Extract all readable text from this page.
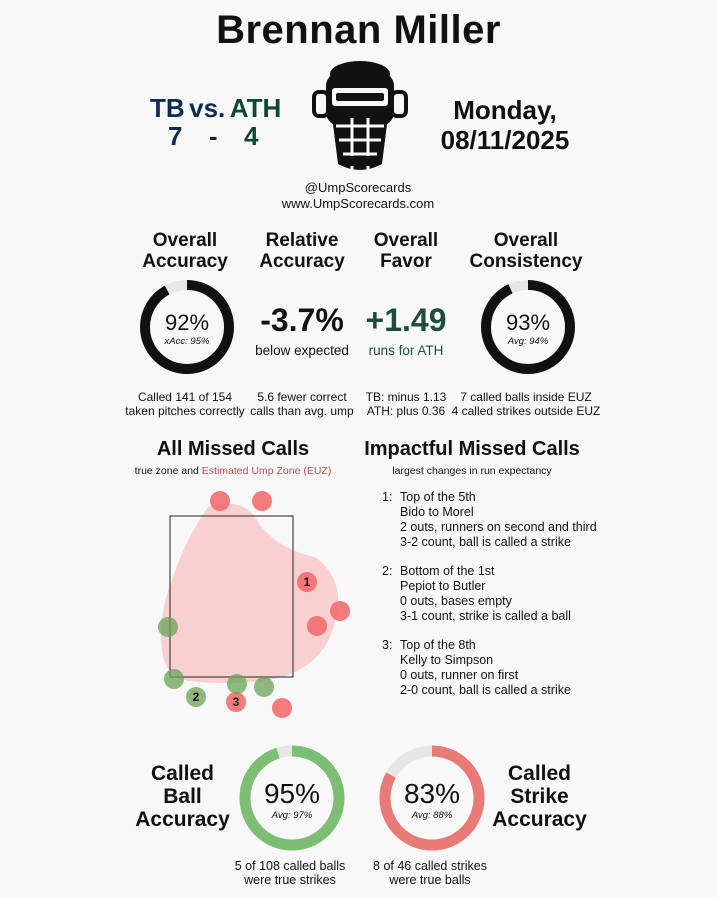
Brennan Miller
TB vs. ATH
7 - 4
Monday,
08/11/2025
@UmpScorecards
www.UmpScorecards.com
Overall
Accuracy
92%
xAcc: 95%
Called 141 of 154
taken pitches correctly
Relative
Accuracy
-3.7%
below expected
5.6 fewer correct
calls than avg. ump
Overall
Favor
+1.49
runs for ATH
TB: minus 1.13
ATH: plus 0.36
Overall
Consistency
93%
Avg: 94%
7 called balls inside EUZ
4 called strikes outside EUZ
All Missed Calls
true zone and Estimated Ump Zone (EUZ)
1
2	3
Impactful Missed Calls
largest changes in run expectancy
1: Top of the 5th
Bido to Morel
2 outs, runners on second and third
3-2 count, ball is called a strike
2: Bottom of the 1st
Pepiot to Butler
0 outs, bases empty
3-1 count, strike is called a ball
3: Top of the 8th
Kelly to Simpson
0 outs, runner on first
2-0 count, ball is called a strike
Called
Ball
Accuracy
95%
Avg: 97%
5 of 108 called balls
were true strikes
83%
Avg: 88%
Called
Strike
Accuracy
8 of 46 called strikes
were true balls
